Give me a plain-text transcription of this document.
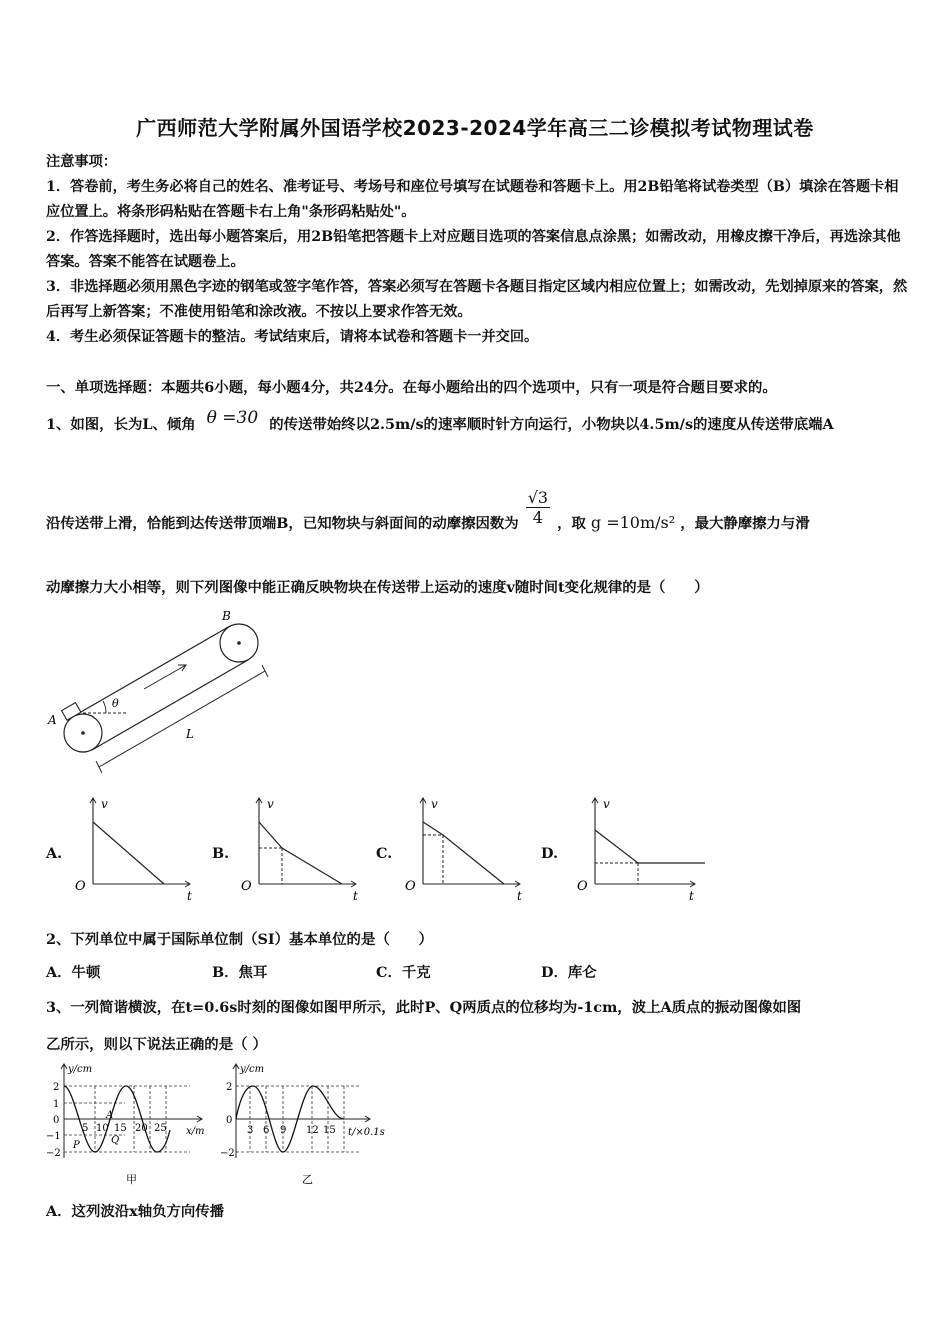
广西师范大学附属外国语学校2023-2024学年高三二诊模拟考试物理试卷

注意事项：

1．答卷前，考生务必将自己的姓名、准考证号、考场号和座位号填写在试题卷和答题卡上。用2B铅笔将试卷类型（B）填涂在答题卡相应位置上。将条形码粘贴在答题卡右上角"条形码粘贴处"。

2．作答选择题时，选出每小题答案后，用2B铅笔把答题卡上对应题目选项的答案信息点涂黑；如需改动，用橡皮擦干净后，再选涂其他答案。答案不能答在试题卷上。

3．非选择题必须用黑色字迹的钢笔或签字笔作答，答案必须写在答题卡各题目指定区域内相应位置上；如需改动，先划掉原来的答案，然后再写上新答案；不准使用铅笔和涂改液。不按以上要求作答无效。

4．考生必须保证答题卡的整洁。考试结束后，请将本试卷和答题卡一并交回。

一、单项选择题：本题共6小题，每小题4分，共24分。在每小题给出的四个选项中，只有一项是符合题目要求的。
1、如图，长为L、倾角 θ =30 的传送带始终以2.5m/s的速率顺时针方向运行，小物块以4.5m/s的速度从传送带底端A
沿传送带上滑，恰能到达传送带顶端B，已知物块与斜面间的动摩擦因数为 $\frac{√3}{4}$ ，取 g =10m/s² ，最大静摩擦力与滑
动摩擦力大小相等，则下列图像中能正确反映物块在传送带上运动的速度v随时间t变化规律的是（　　）
A
B
θ
L
A.
v
t
O
B.
v
t
O
C.
v
t
O
D.
v
t
O
2、下列单位中属于国际单位制（SI）基本单位的是（　　）
A．牛顿	B．焦耳	C．千克	D．库仑
3、一列简谐横波，在t=0.6s时刻的图像如图甲所示，此时P、Q两质点的位移均为-1cm，波上A质点的振动图像如图
乙所示，则以下说法正确的是（ ）
y/cm
x/m
2
1
0
−1
−2
5 10 15 20 25
A
P	Q
甲
y/cm
t/×0.1s
2
0
−2
3 6 9 12 15
乙
A．这列波沿x轴负方向传播
